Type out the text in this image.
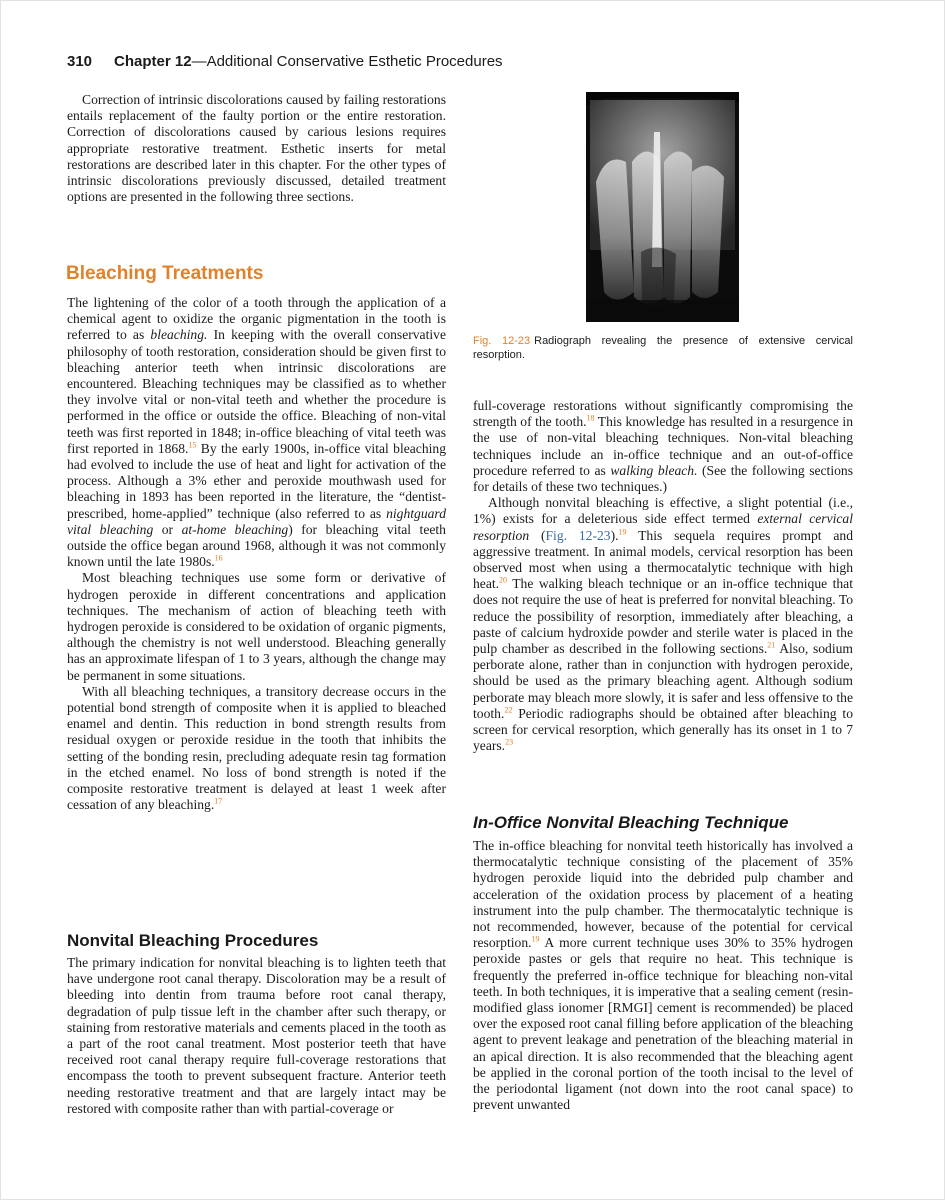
310 Chapter 12—Additional Conservative Esthetic Procedures

Correction of intrinsic discolorations caused by failing restorations entails replacement of the faulty portion or the entire restoration. Correction of discolorations caused by carious lesions requires appropriate restorative treatment. Esthetic inserts for metal restorations are described later in this chapter. For the other types of intrinsic discolorations previously discussed, detailed treatment options are presented in the following three sections.

Bleaching Treatments

The lightening of the color of a tooth through the application of a chemical agent to oxidize the organic pigmentation in the tooth is referred to as bleaching. In keeping with the overall conservative philosophy of tooth restoration, consideration should be given first to bleaching anterior teeth when intrinsic discolorations are encountered. Bleaching techniques may be classified as to whether they involve vital or non-vital teeth and whether the procedure is performed in the office or outside the office. Bleaching of non-vital teeth was first reported in 1848; in-office bleaching of vital teeth was first reported in 1868.15 By the early 1900s, in-office vital bleaching had evolved to include the use of heat and light for activation of the process. Although a 3% ether and peroxide mouthwash used for bleaching in 1893 has been reported in the literature, the “dentist-prescribed, home-applied” technique (also referred to as nightguard vital bleaching or at-home bleaching) for bleaching vital teeth outside the office began around 1968, although it was not commonly known until the late 1980s.$^{16}$

Most bleaching techniques use some form or derivative of hydrogen peroxide in different concentrations and application techniques. The mechanism of action of bleaching teeth with hydrogen peroxide is considered to be oxidation of organic pigments, although the chemistry is not well understood. Bleaching generally has an approximate lifespan of 1 to 3 years, although the change may be permanent in some situations.

With all bleaching techniques, a transitory decrease occurs in the potential bond strength of composite when it is applied to bleached enamel and dentin. This reduction in bond strength results from residual oxygen or peroxide residue in the tooth that inhibits the setting of the bonding resin, precluding adequate resin tag formation in the etched enamel. No loss of bond strength is noted if the composite restorative treatment is delayed at least 1 week after cessation of any bleaching.$^{17}$

Nonvital Bleaching Procedures

The primary indication for nonvital bleaching is to lighten teeth that have undergone root canal therapy. Discoloration may be a result of bleeding into dentin from trauma before root canal therapy, degradation of pulp tissue left in the chamber after such therapy, or staining from restorative materials and cements placed in the tooth as a part of the root canal treatment. Most posterior teeth that have received root canal therapy require full-coverage restorations that encompass the tooth to prevent subsequent fracture. Anterior teeth needing restorative treatment and that are largely intact may be restored with composite rather than with partial-coverage or

Fig. 12-23 Radiograph revealing the presence of extensive cervical resorption.

full-coverage restorations without significantly compromising the strength of the tooth.$^{18}$ This knowledge has resulted in a resurgence in the use of non-vital bleaching techniques. Non-vital bleaching techniques include an in-office technique and an out-of-office procedure referred to as walking bleach. (See the following sections for details of these two techniques.)

Although nonvital bleaching is effective, a slight potential (i.e., 1%) exists for a deleterious side effect termed external cervical resorption (Fig. 12-23).$^{19}$ This sequela requires prompt and aggressive treatment. In animal models, cervical resorption has been observed most when using a thermocatalytic technique with high heat.$^{20}$ The walking bleach technique or an in-office technique that does not require the use of heat is preferred for nonvital bleaching. To reduce the possibility of resorption, immediately after bleaching, a paste of calcium hydroxide powder and sterile water is placed in the pulp chamber as described in the following sections.$^{21}$ Also, sodium perborate alone, rather than in conjunction with hydrogen peroxide, should be used as the primary bleaching agent. Although sodium perborate may bleach more slowly, it is safer and less offensive to the tooth.$^{22}$ Periodic radiographs should be obtained after bleaching to screen for cervical resorption, which generally has its onset in 1 to 7 years.$^{23}$

In-Office Nonvital Bleaching Technique

The in-office bleaching for nonvital teeth historically has involved a thermocatalytic technique consisting of the placement of 35% hydrogen peroxide liquid into the debrided pulp chamber and acceleration of the oxidation process by placement of a heating instrument into the pulp chamber. The thermocatalytic technique is not recommended, however, because of the potential for cervical resorption.$^{19}$ A more current technique uses 30% to 35% hydrogen peroxide pastes or gels that require no heat. This technique is frequently the preferred in-office technique for bleaching non-vital teeth. In both techniques, it is imperative that a sealing cement (resin-modified glass ionomer [RMGI] cement is recommended) be placed over the exposed root canal filling before application of the bleaching agent to prevent leakage and penetration of the bleaching material in an apical direction. It is also recommended that the bleaching agent be applied in the coronal portion of the tooth incisal to the level of the periodontal ligament (not down into the root canal space) to prevent unwanted
